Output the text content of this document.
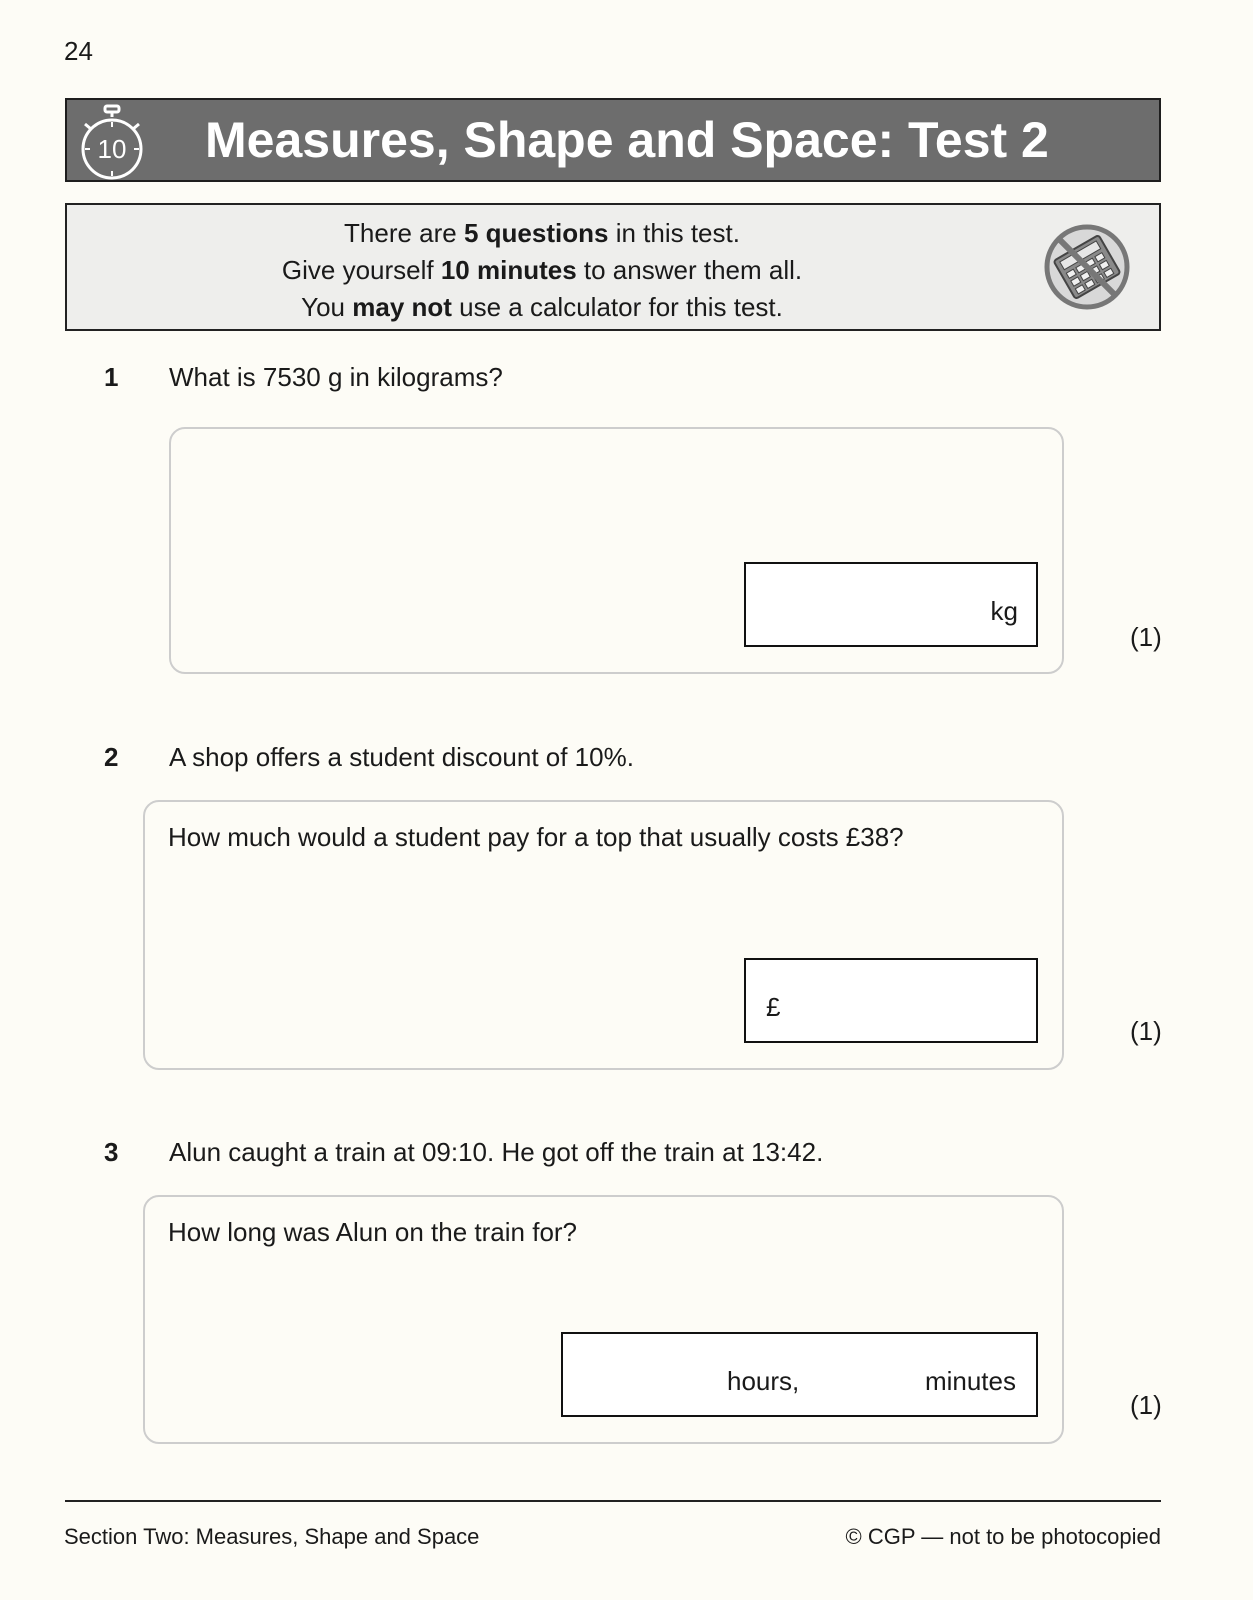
24
10 Measures, Shape and Space: Test 2
There are 5 questions in this test.
Give yourself 10 minutes to answer them all.
You may not use a calculator for this test.
1 What is 7530 g in kilograms?
kg
(1)
2 A shop offers a student discount of 10%.
How much would a student pay for a top that usually costs £38?
£
(1)
3 Alun caught a train at 09:10. He got off the train at 13:42.
How long was Alun on the train for?
hours,	minutes
(1)
Section Two: Measures, Shape and Space	© CGP — not to be photocopied
